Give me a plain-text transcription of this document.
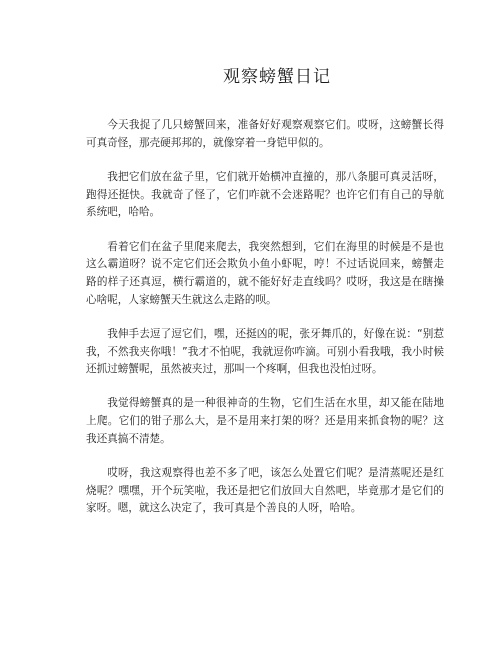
观察螃蟹日记

今天我捉了几只螃蟹回来，准备好好观察观察它们。哎呀，这螃蟹长得可真奇怪，那壳硬邦邦的，就像穿着一身铠甲似的。

我把它们放在盆子里，它们就开始横冲直撞的，那八条腿可真灵活呀，跑得还挺快。我就奇了怪了，它们咋就不会迷路呢？也许它们有自己的导航系统吧，哈哈。

看着它们在盆子里爬来爬去，我突然想到，它们在海里的时候是不是也这么霸道呀？说不定它们还会欺负小鱼小虾呢，哼！不过话说回来，螃蟹走路的样子还真逗，横行霸道的，就不能好好走直线吗？哎呀，我这是在瞎操心啥呢，人家螃蟹天生就这么走路的呗。

我伸手去逗了逗它们，嘿，还挺凶的呢，张牙舞爪的，好像在说：“别惹我，不然我夹你哦！”我才不怕呢，我就逗你咋滴。可别小看我哦，我小时候还抓过螃蟹呢，虽然被夹过，那叫一个疼啊，但我也没怕过呀。

我觉得螃蟹真的是一种很神奇的生物，它们生活在水里，却又能在陆地上爬。它们的钳子那么大，是不是用来打架的呀？还是用来抓食物的呢？这我还真搞不清楚。

哎呀，我这观察得也差不多了吧，该怎么处置它们呢？是清蒸呢还是红烧呢？嘿嘿，开个玩笑啦，我还是把它们放回大自然吧，毕竟那才是它们的家呀。嗯，就这么决定了，我可真是个善良的人呀，哈哈。
